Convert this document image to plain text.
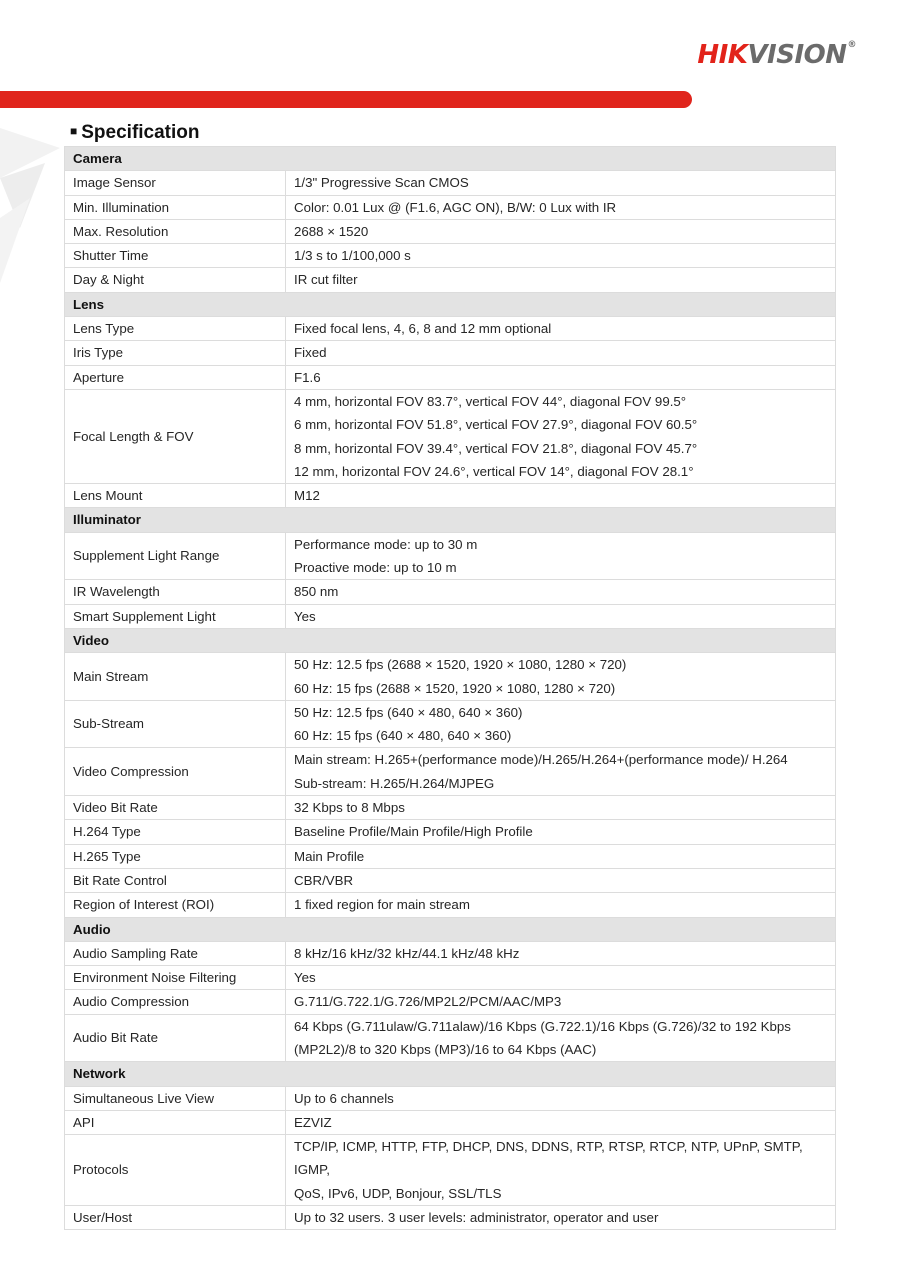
HIKVISION®
■ Specification
Camera	
Image Sensor	1/3" Progressive Scan CMOS

Min. Illumination	Color: 0.01 Lux @ (F1.6, AGC ON), B/W: 0 Lux with IR

Max. Resolution	2688 × 1520

Shutter Time	1/3 s to 1/100,000 s

Day & Night	IR cut filter

Lens	
Lens Type	Fixed focal lens, 4, 6, 8 and 12 mm optional

Iris Type	Fixed

Aperture	F1.6

Focal Length & FOV	4 mm, horizontal FOV 83.7°, vertical FOV 44°, diagonal FOV 99.5°
6 mm, horizontal FOV 51.8°, vertical FOV 27.9°, diagonal FOV 60.5°
8 mm, horizontal FOV 39.4°, vertical FOV 21.8°, diagonal FOV 45.7°
12 mm, horizontal FOV 24.6°, vertical FOV 14°, diagonal FOV 28.1°

Lens Mount	M12

Illuminator	
Supplement Light Range	Performance mode: up to 30 m
Proactive mode: up to 10 m

IR Wavelength	850 nm

Smart Supplement Light	Yes

Video	
Main Stream	50 Hz: 12.5 fps (2688 × 1520, 1920 × 1080, 1280 × 720)
60 Hz: 15 fps (2688 × 1520, 1920 × 1080, 1280 × 720)

Sub-Stream	50 Hz: 12.5 fps (640 × 480, 640 × 360)
60 Hz: 15 fps (640 × 480, 640 × 360)

Video Compression	Main stream: H.265+(performance mode)/H.265/H.264+(performance mode)/ H.264
Sub-stream: H.265/H.264/MJPEG

Video Bit Rate	32 Kbps to 8 Mbps

H.264 Type	Baseline Profile/Main Profile/High Profile

H.265 Type	Main Profile

Bit Rate Control	CBR/VBR

Region of Interest (ROI)	1 fixed region for main stream

Audio	
Audio Sampling Rate	8 kHz/16 kHz/32 kHz/44.1 kHz/48 kHz

Environment Noise Filtering	Yes

Audio Compression	G.711/G.722.1/G.726/MP2L2/PCM/AAC/MP3

Audio Bit Rate	64 Kbps (G.711ulaw/G.711alaw)/16 Kbps (G.722.1)/16 Kbps (G.726)/32 to 192 Kbps
(MP2L2)/8 to 320 Kbps (MP3)/16 to 64 Kbps (AAC)

Network	
Simultaneous Live View	Up to 6 channels

API	EZVIZ

Protocols	TCP/IP, ICMP, HTTP, FTP, DHCP, DNS, DDNS, RTP, RTSP, RTCP, NTP, UPnP, SMTP, IGMP,
QoS, IPv6, UDP, Bonjour, SSL/TLS

User/Host	Up to 32 users. 3 user levels: administrator, operator and user
